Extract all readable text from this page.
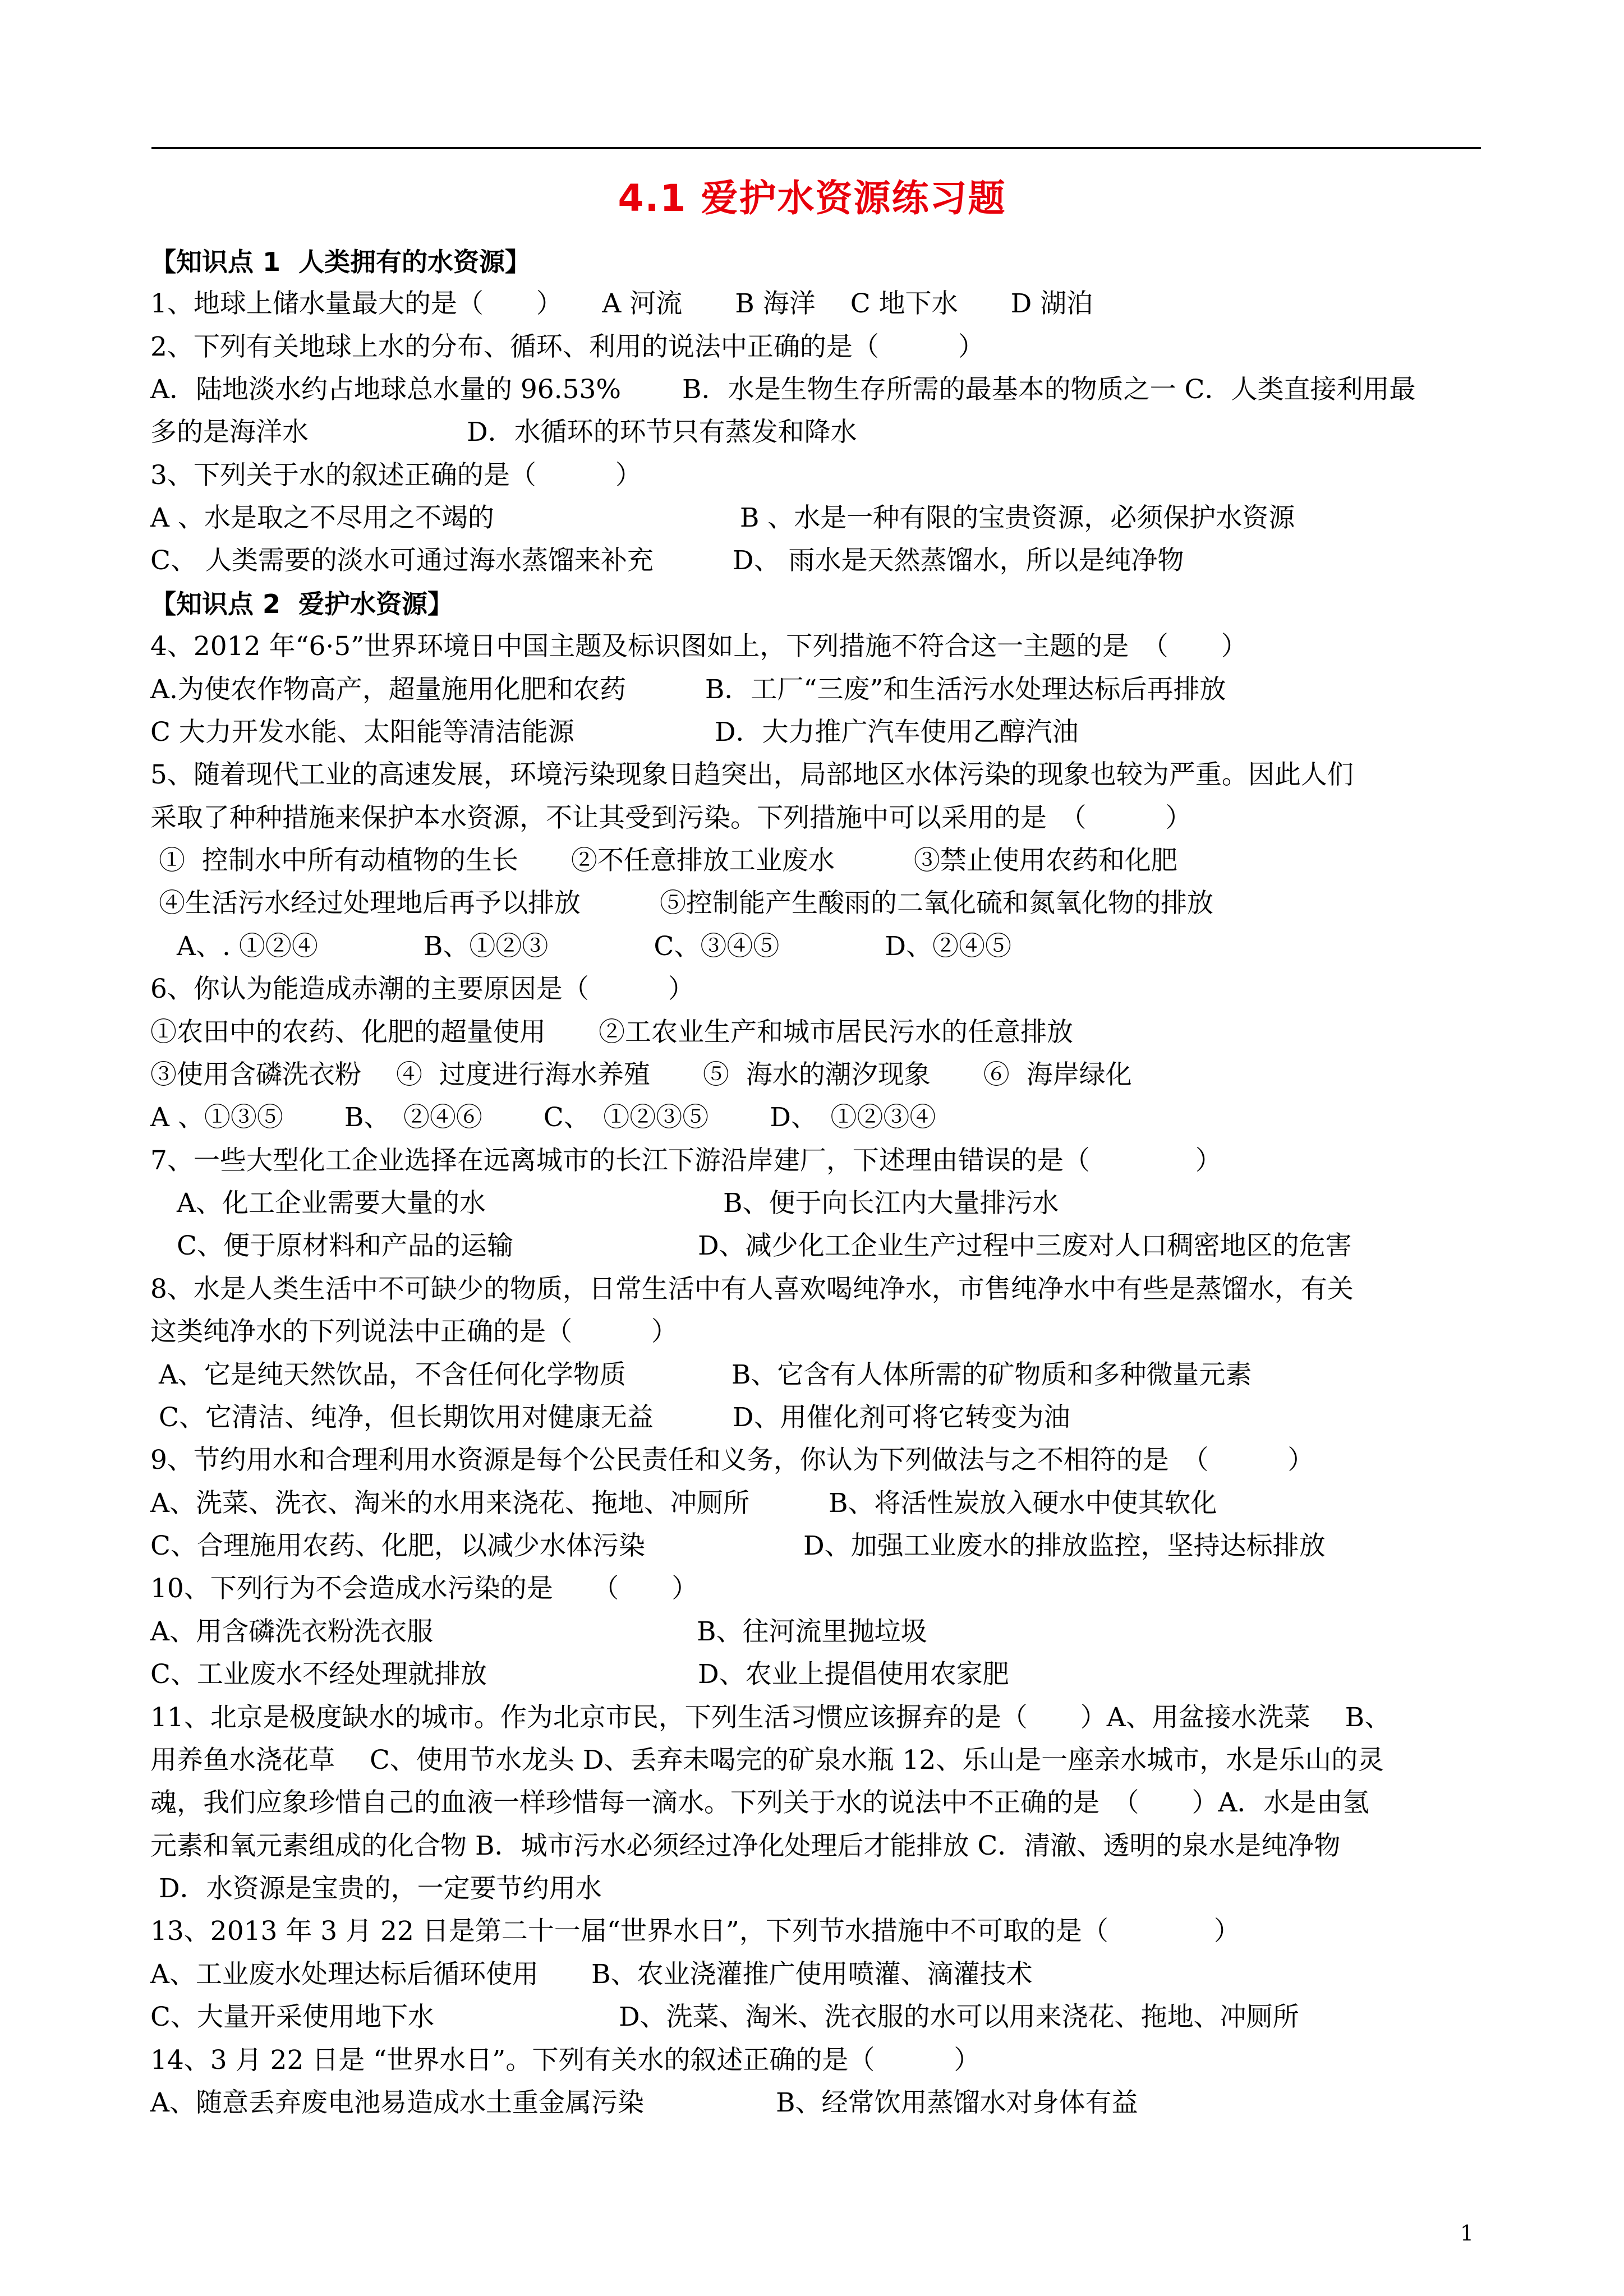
4.1 爱护水资源练习题
【知识点 1  人类拥有的水资源】
1、地球上储水量最大的是（　　）　　A 河流　　B 海洋　 C 地下水　　D 湖泊
2、下列有关地球上水的分布、循环、利用的说法中正确的是（　　　）
A．陆地淡水约占地球总水量的 96.53%　　 B．水是生物生存所需的最基本的物质之一 C．人类直接利用最
多的是海洋水　　　　　　D．水循环的环节只有蒸发和降水
3、下列关于水的叙述正确的是（　　　）
A 、水是取之不尽用之不竭的　　　　　　　　　 B 、水是一种有限的宝贵资源，必须保护水资源
C、 人类需要的淡水可通过海水蒸馏来补充　　　D、 雨水是天然蒸馏水，所以是纯净物
【知识点 2  爱护水资源】
4、2012 年“6·5”世界环境日中国主题及标识图如上，下列措施不符合这一主题的是　（　　）
A.为使农作物高产，超量施用化肥和农药　　　B．工厂“三废”和生活污水处理达标后再排放
C 大力开发水能、太阳能等清洁能源　　　　　 D．大力推广汽车使用乙醇汽油
5、随着现代工业的高速发展，环境污染现象日趋突出，局部地区水体污染的现象也较为严重。因此人们
采取了种种措施来保护本水资源，不让其受到污染。下列措施中可以采用的是　（　　　）
①  控制水中所有动植物的生长　　②不任意排放工业废水　　　③禁止使用农药和化肥
④生活污水经过处理地后再予以排放　　　⑤控制能产生酸雨的二氧化硫和氮氧化物的排放
　A、. ①②④　　　　B、①②③　　　　C、③④⑤　　　　D、②④⑤
6、你认为能造成赤潮的主要原因是（　　　）
①农田中的农药、化肥的超量使用　　②工农业生产和城市居民污水的任意排放
③使用含磷洗衣粉　 ④  过度进行海水养殖　　⑤  海水的潮汐现象　　⑥  海岸绿化
A 、①③⑤　　 B、　②④⑥　　 C、　①②③⑤　　 D、　①②③④
7、一些大型化工企业选择在远离城市的长江下游沿岸建厂，下述理由错误的是（　　　　）
　A、化工企业需要大量的水　　　　　　　　　B、便于向长江内大量排污水
　C、便于原材料和产品的运输　　　　　　　D、减少化工企业生产过程中三废对人口稠密地区的危害
8、水是人类生活中不可缺少的物质，日常生活中有人喜欢喝纯净水，市售纯净水中有些是蒸馏水，有关
这类纯净水的下列说法中正确的是（　　　）
A、它是纯天然饮品，不含任何化学物质　　　　B、它含有人体所需的矿物质和多种微量元素
C、它清洁、纯净，但长期饮用对健康无益　　　D、用催化剂可将它转变为油
9、节约用水和合理利用水资源是每个公民责任和义务，你认为下列做法与之不相符的是　（　　　）
A、洗菜、洗衣、淘米的水用来浇花、拖地、冲厕所　　　B、将活性炭放入硬水中使其软化
C、合理施用农药、化肥，以减少水体污染　　　　　　D、加强工业废水的排放监控，坚持达标排放
10、下列行为不会造成水污染的是　　（　　）
A、用含磷洗衣粉洗衣服　　　　　　　　　　B、往河流里抛垃圾
C、工业废水不经处理就排放　　　　　　　　D、农业上提倡使用农家肥
11、北京是极度缺水的城市。作为北京市民，下列生活习惯应该摒弃的是（　　）A、用盆接水洗菜　 B、
用养鱼水浇花草　 C、使用节水龙头 D、丢弃未喝完的矿泉水瓶 12、乐山是一座亲水城市，水是乐山的灵
魂，我们应象珍惜自己的血液一样珍惜每一滴水。下列关于水的说法中不正确的是　（　　）A．水是由氢
元素和氧元素组成的化合物 B．城市污水必须经过净化处理后才能排放 C．清澈、透明的泉水是纯净物
D．水资源是宝贵的，一定要节约用水
13、2013 年 3 月 22 日是第二十一届“世界水日”，下列节水措施中不可取的是（　　　　）
A、工业废水处理达标后循环使用　　B、农业浇灌推广使用喷灌、滴灌技术
C、大量开采使用地下水　　　　　　　D、洗菜、淘米、洗衣服的水可以用来浇花、拖地、冲厕所
14、3 月 22 日是 “世界水日”。下列有关水的叙述正确的是（　　　）
A、随意丢弃废电池易造成水土重金属污染　　　　　B、经常饮用蒸馏水对身体有益
1
